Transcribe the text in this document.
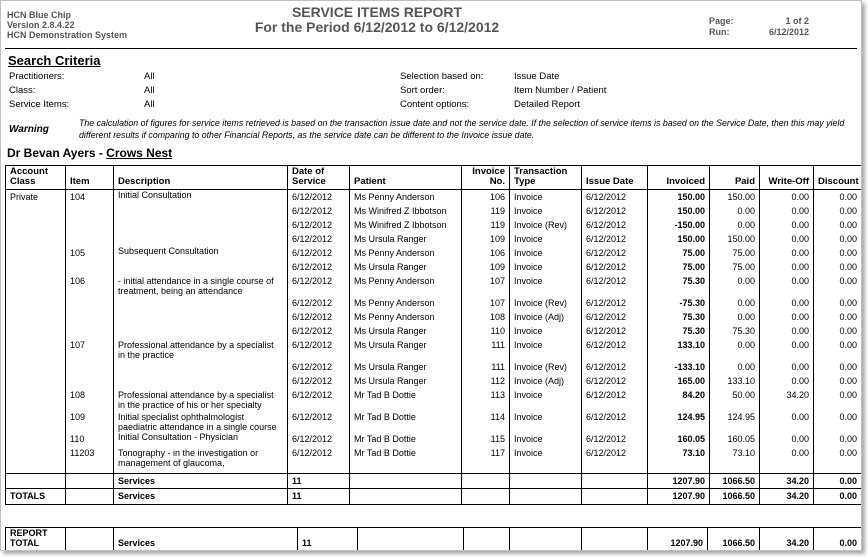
HCN Blue Chip
Version 2.8.4.22
HCN Demonstration System
SERVICE ITEMS REPORT
For the Period 6/12/2012 to 6/12/2012	Page:	1 of 2
Run:	6/12/2012
Search Criteria
Practitioners:	All
Class:	All
Service Items:	All
Selection based on:	Issue Date
Sort order:	Item Number / Patient
Content options:	Detailed Report
Warning
The calculation of figures for service items retrieved is based on the transaction issue date and not the service date. If the selection of service items is based on the Service Date, then this may yield different results if comparing to other Financial Reports, as the service date can be different to the Invoice issue date.
Dr Bevan Ayers - Crows Nest
Account Class	Item	Description	Date of Service	Patient	Invoice No.	Transaction Type	Issue Date	Invoiced	Paid	Write-Off	Discount
Private	104	Initial Consultation	6/12/2012	Ms Penny Anderson	106	Invoice	6/12/2012	150.00	150.00	0.00	0.00
			6/12/2012	Ms Winifred Z Ibbotson	119	Invoice	6/12/2012	150.00	0.00	0.00	0.00
			6/12/2012	Ms Winifred Z Ibbotson	119	Invoice (Rev)	6/12/2012	-150.00	0.00	0.00	0.00
			6/12/2012	Ms Ursula Ranger	109	Invoice	6/12/2012	150.00	150.00	0.00	0.00
	105	Subsequent Consultation	6/12/2012	Ms Penny Anderson	106	Invoice	6/12/2012	75.00	75.00	0.00	0.00
			6/12/2012	Ms Ursula Ranger	109	Invoice	6/12/2012	75.00	75.00	0.00	0.00
	106	- initial attendance in a single course of treatment, being an attendance	6/12/2012	Ms Penny Anderson	107	Invoice	6/12/2012	75.30	0.00	0.00	0.00
			6/12/2012	Ms Penny Anderson	107	Invoice (Rev)	6/12/2012	-75.30	0.00	0.00	0.00
			6/12/2012	Ms Penny Anderson	108	Invoice (Adj)	6/12/2012	75.30	0.00	0.00	0.00
			6/12/2012	Ms Ursula Ranger	110	Invoice	6/12/2012	75.30	75.30	0.00	0.00
	107	Professional attendance by a specialist in the practice	6/12/2012	Ms Ursula Ranger	111	Invoice	6/12/2012	133.10	0.00	0.00	0.00
			6/12/2012	Ms Ursula Ranger	111	Invoice (Rev)	6/12/2012	-133.10	0.00	0.00	0.00
			6/12/2012	Ms Ursula Ranger	112	Invoice (Adj)	6/12/2012	165.00	133.10	0.00	0.00
	108	Professional attendance by a specialist in the practice of his or her specialty	6/12/2012	Mr Tad B Dottie	113	Invoice	6/12/2012	84.20	50.00	34.20	0.00
	109	Initial specialist ophthalmologist paediatric attendance in a single course	6/12/2012	Mr Tad B Dottie	114	Invoice	6/12/2012	124.95	124.95	0.00	0.00
	110	Initial Consultation - Physician	6/12/2012	Mr Tad B Dottie	115	Invoice	6/12/2012	160.05	160.05	0.00	0.00
	11203	Tonography - in the investigation or management of glaucoma,	6/12/2012	Mr Tad B Dottie	117	Invoice	6/12/2012	73.10	73.10	0.00	0.00

		Services	11					1207.90	1066.50	34.20	0.00
TOTALS		Services	11					1207.90	1066.50	34.20	0.00
REPORT
TOTAL		Services	11					1207.90	1066.50	34.20	0.00
